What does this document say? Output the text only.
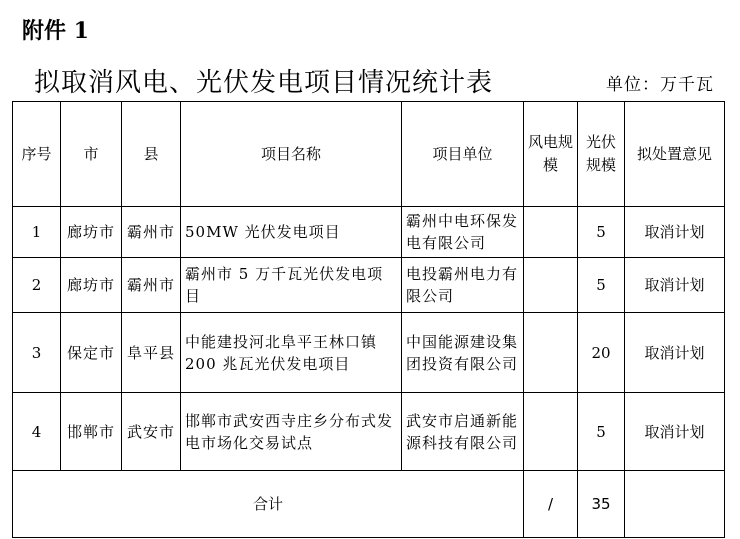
附件 1
拟取消风电、光伏发电项目情况统计表	单位：万千瓦
序号	市	县	项目名称	项目单位	风电规模	光伏规模	拟处置意见
1	廊坊市	霸州市	50MW 光伏发电项目	霸州中电环保发电有限公司		5	取消计划
2	廊坊市	霸州市	霸州市 5 万千瓦光伏发电项目	电投霸州电力有限公司		5	取消计划
3	保定市	阜平县	中能建投河北阜平王林口镇 200 兆瓦光伏发电项目	中国能源建设集团投资有限公司		20	取消计划
4	邯郸市	武安市	邯郸市武安西寺庄乡分布式发电市场化交易试点	武安市启通新能源科技有限公司		5	取消计划
合计					/	35	
